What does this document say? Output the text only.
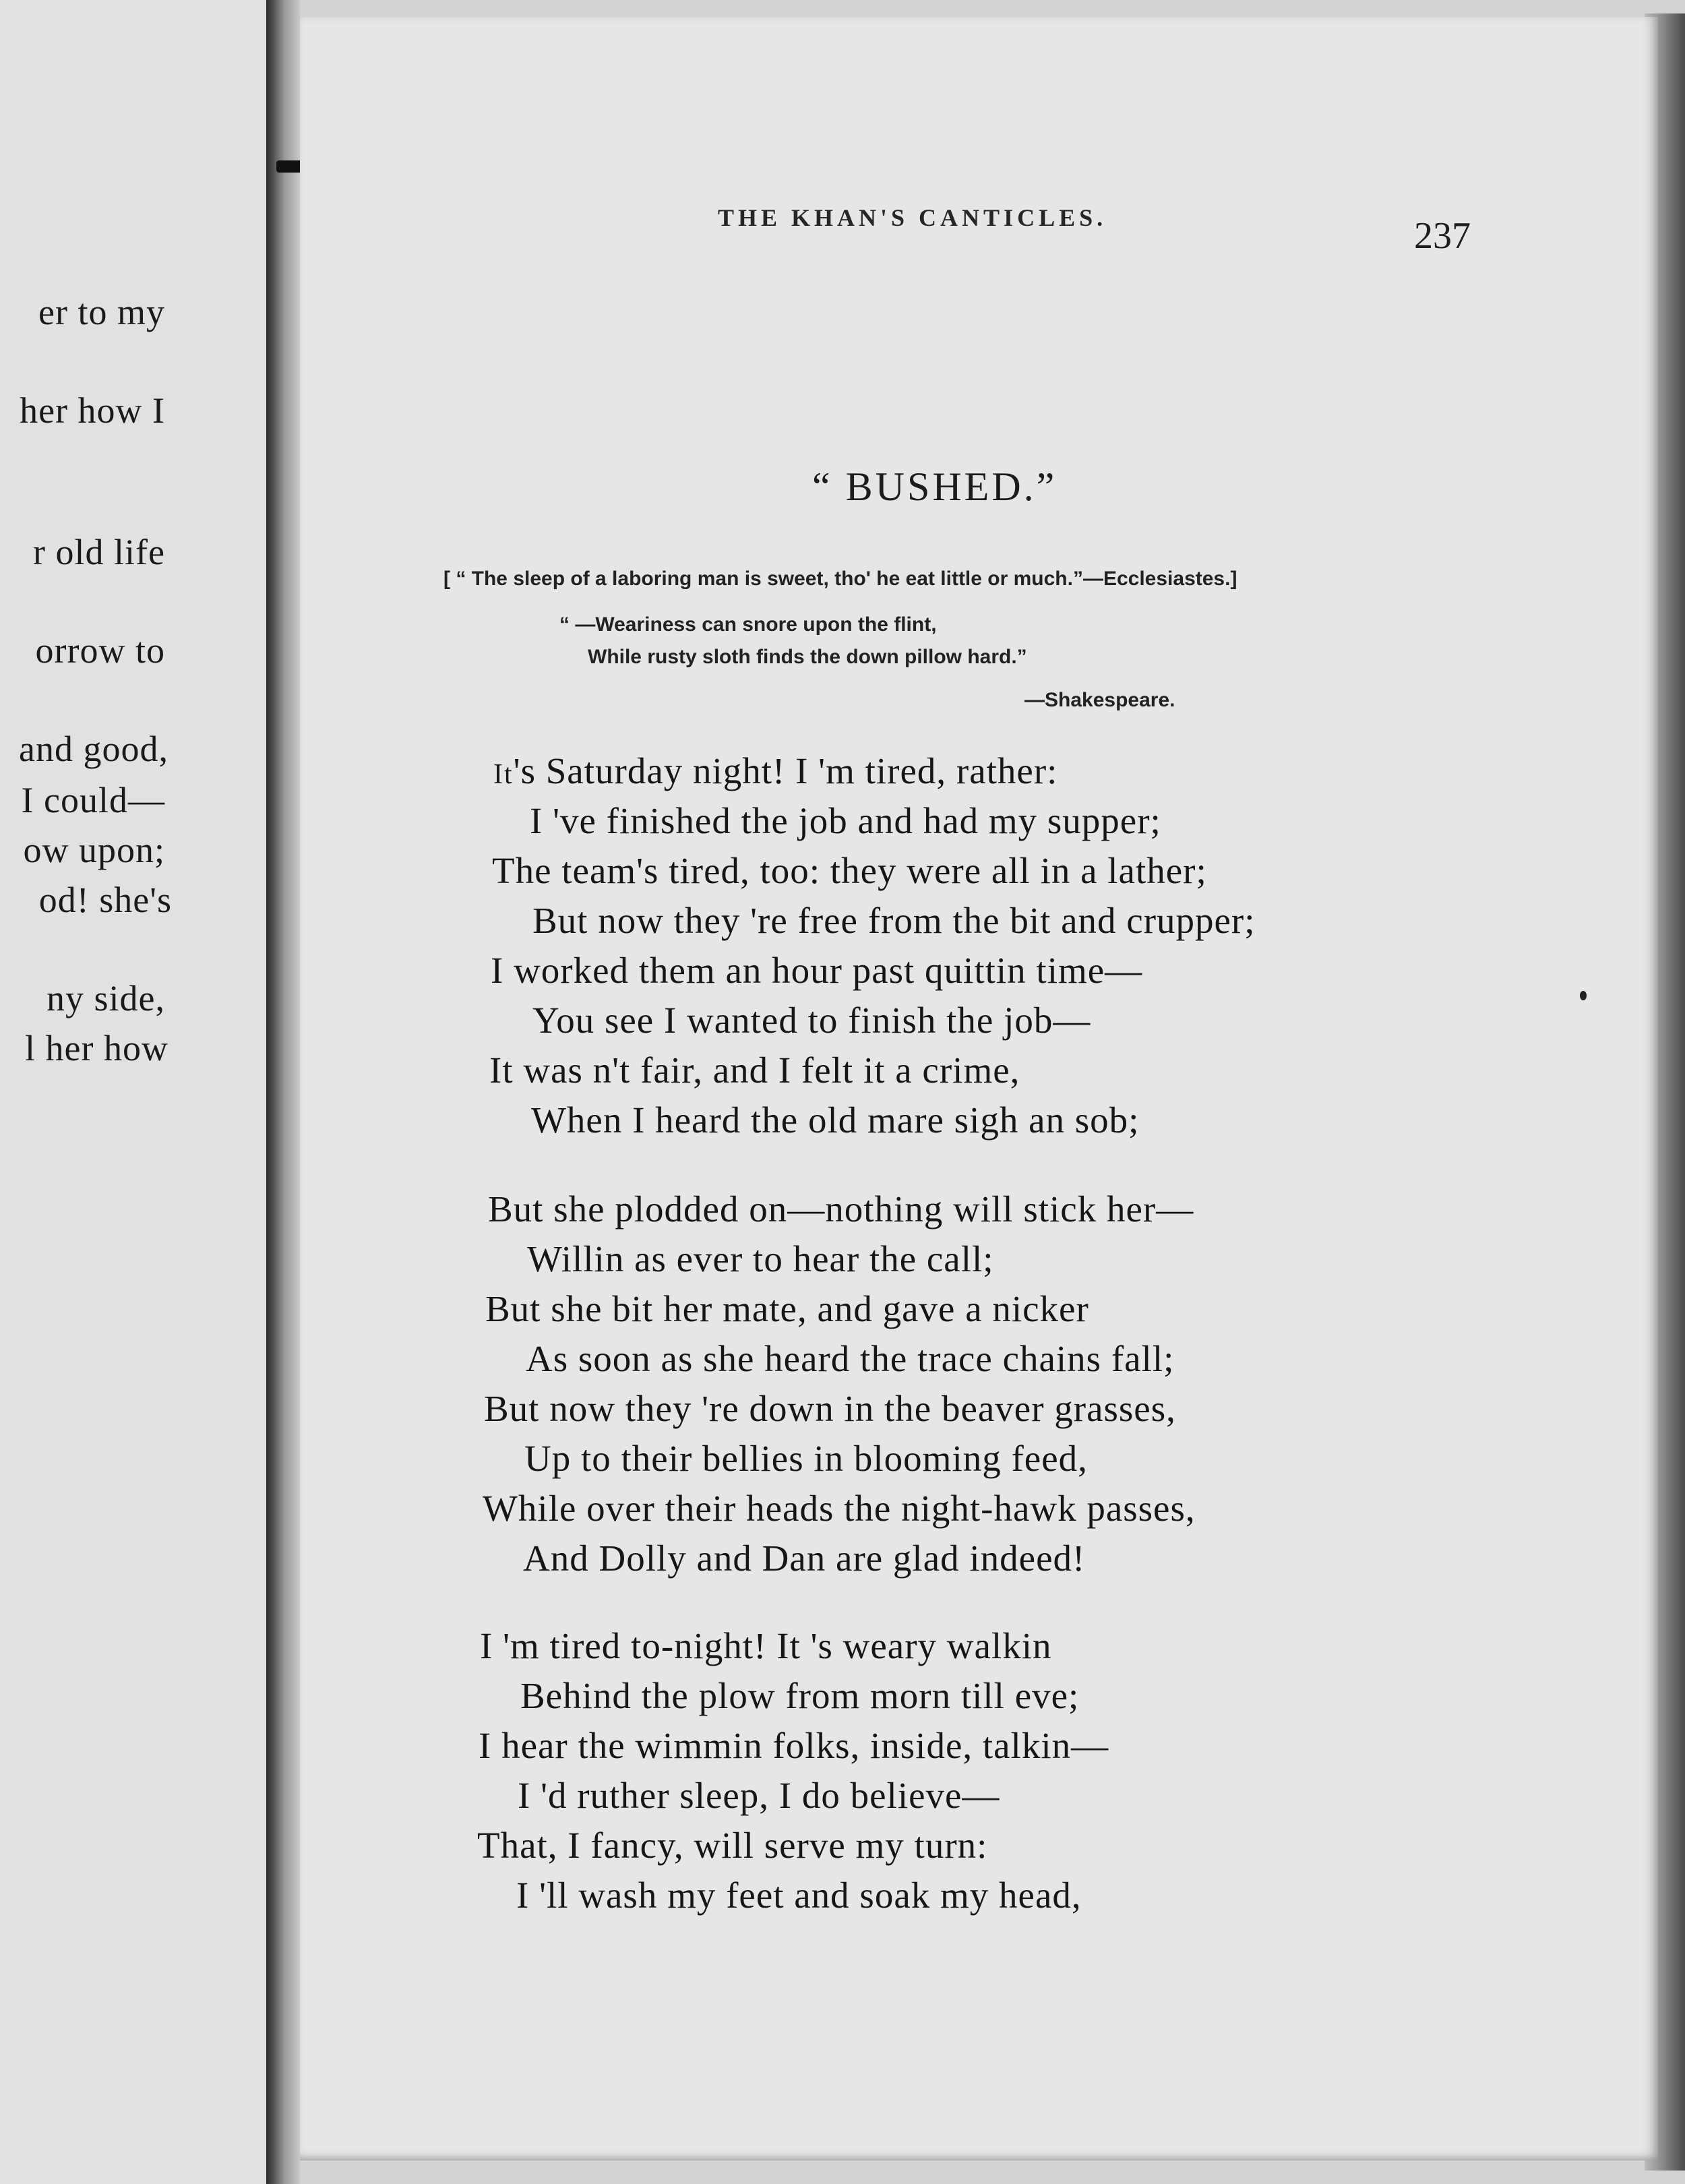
er to my
her how I
r old life
orrow to
and good,
I could—
ow upon;
od! she's
ny side,
l her how
THE KHAN'S CANTICLES.	237
“ BUSHED.”
[ “ The sleep of a laboring man is sweet, tho' he eat little or much.”—Ecclesiastes.]
“ —Weariness can snore upon the flint,
While rusty sloth finds the down pillow hard.”
—Shakespeare.
It's Saturday night! I 'm tired, rather:
I 've finished the job and had my supper;
The team's tired, too: they were all in a lather;
But now they 're free from the bit and crupper;
I worked them an hour past quittin time—
You see I wanted to finish the job—
It was n't fair, and I felt it a crime,
When I heard the old mare sigh an sob;
But she plodded on—nothing will stick her—
Willin as ever to hear the call;
But she bit her mate, and gave a nicker
As soon as she heard the trace chains fall;
But now they 're down in the beaver grasses,
Up to their bellies in blooming feed,
While over their heads the night-hawk passes,
And Dolly and Dan are glad indeed!
I 'm tired to-night! It 's weary walkin
Behind the plow from morn till eve;
I hear the wimmin folks, inside, talkin—
I 'd ruther sleep, I do believe—
That, I fancy, will serve my turn:
I 'll wash my feet and soak my head,
